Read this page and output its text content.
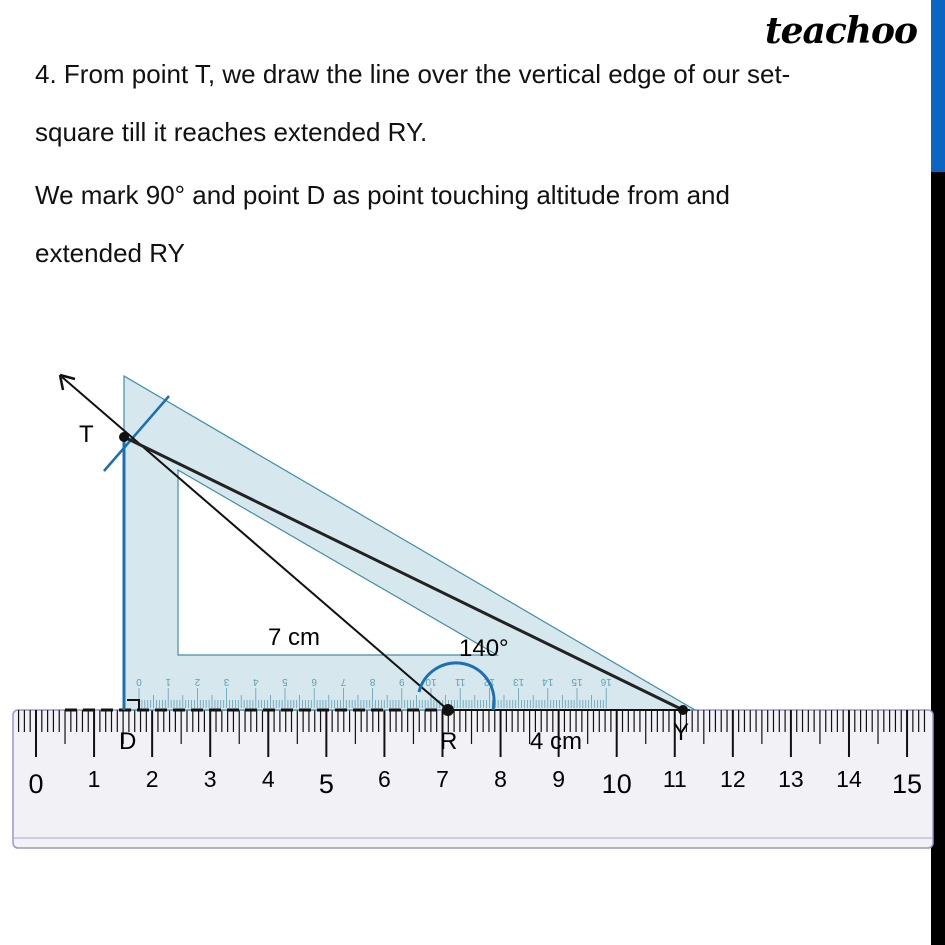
teachoo
4. From point T, we draw the line over the vertical edge of our set-
square till it reaches extended RY.
We mark 90° and point D as point touching altitude from and
extended RY
0 1 2 3 4 5 6 7 8 9 10 11 12 13 14 15
0 1 2 3 4 5 6 7 8 9 10 11 12 13 14 15 16
T
D	R	Y
7 cm
4 cm
140°
